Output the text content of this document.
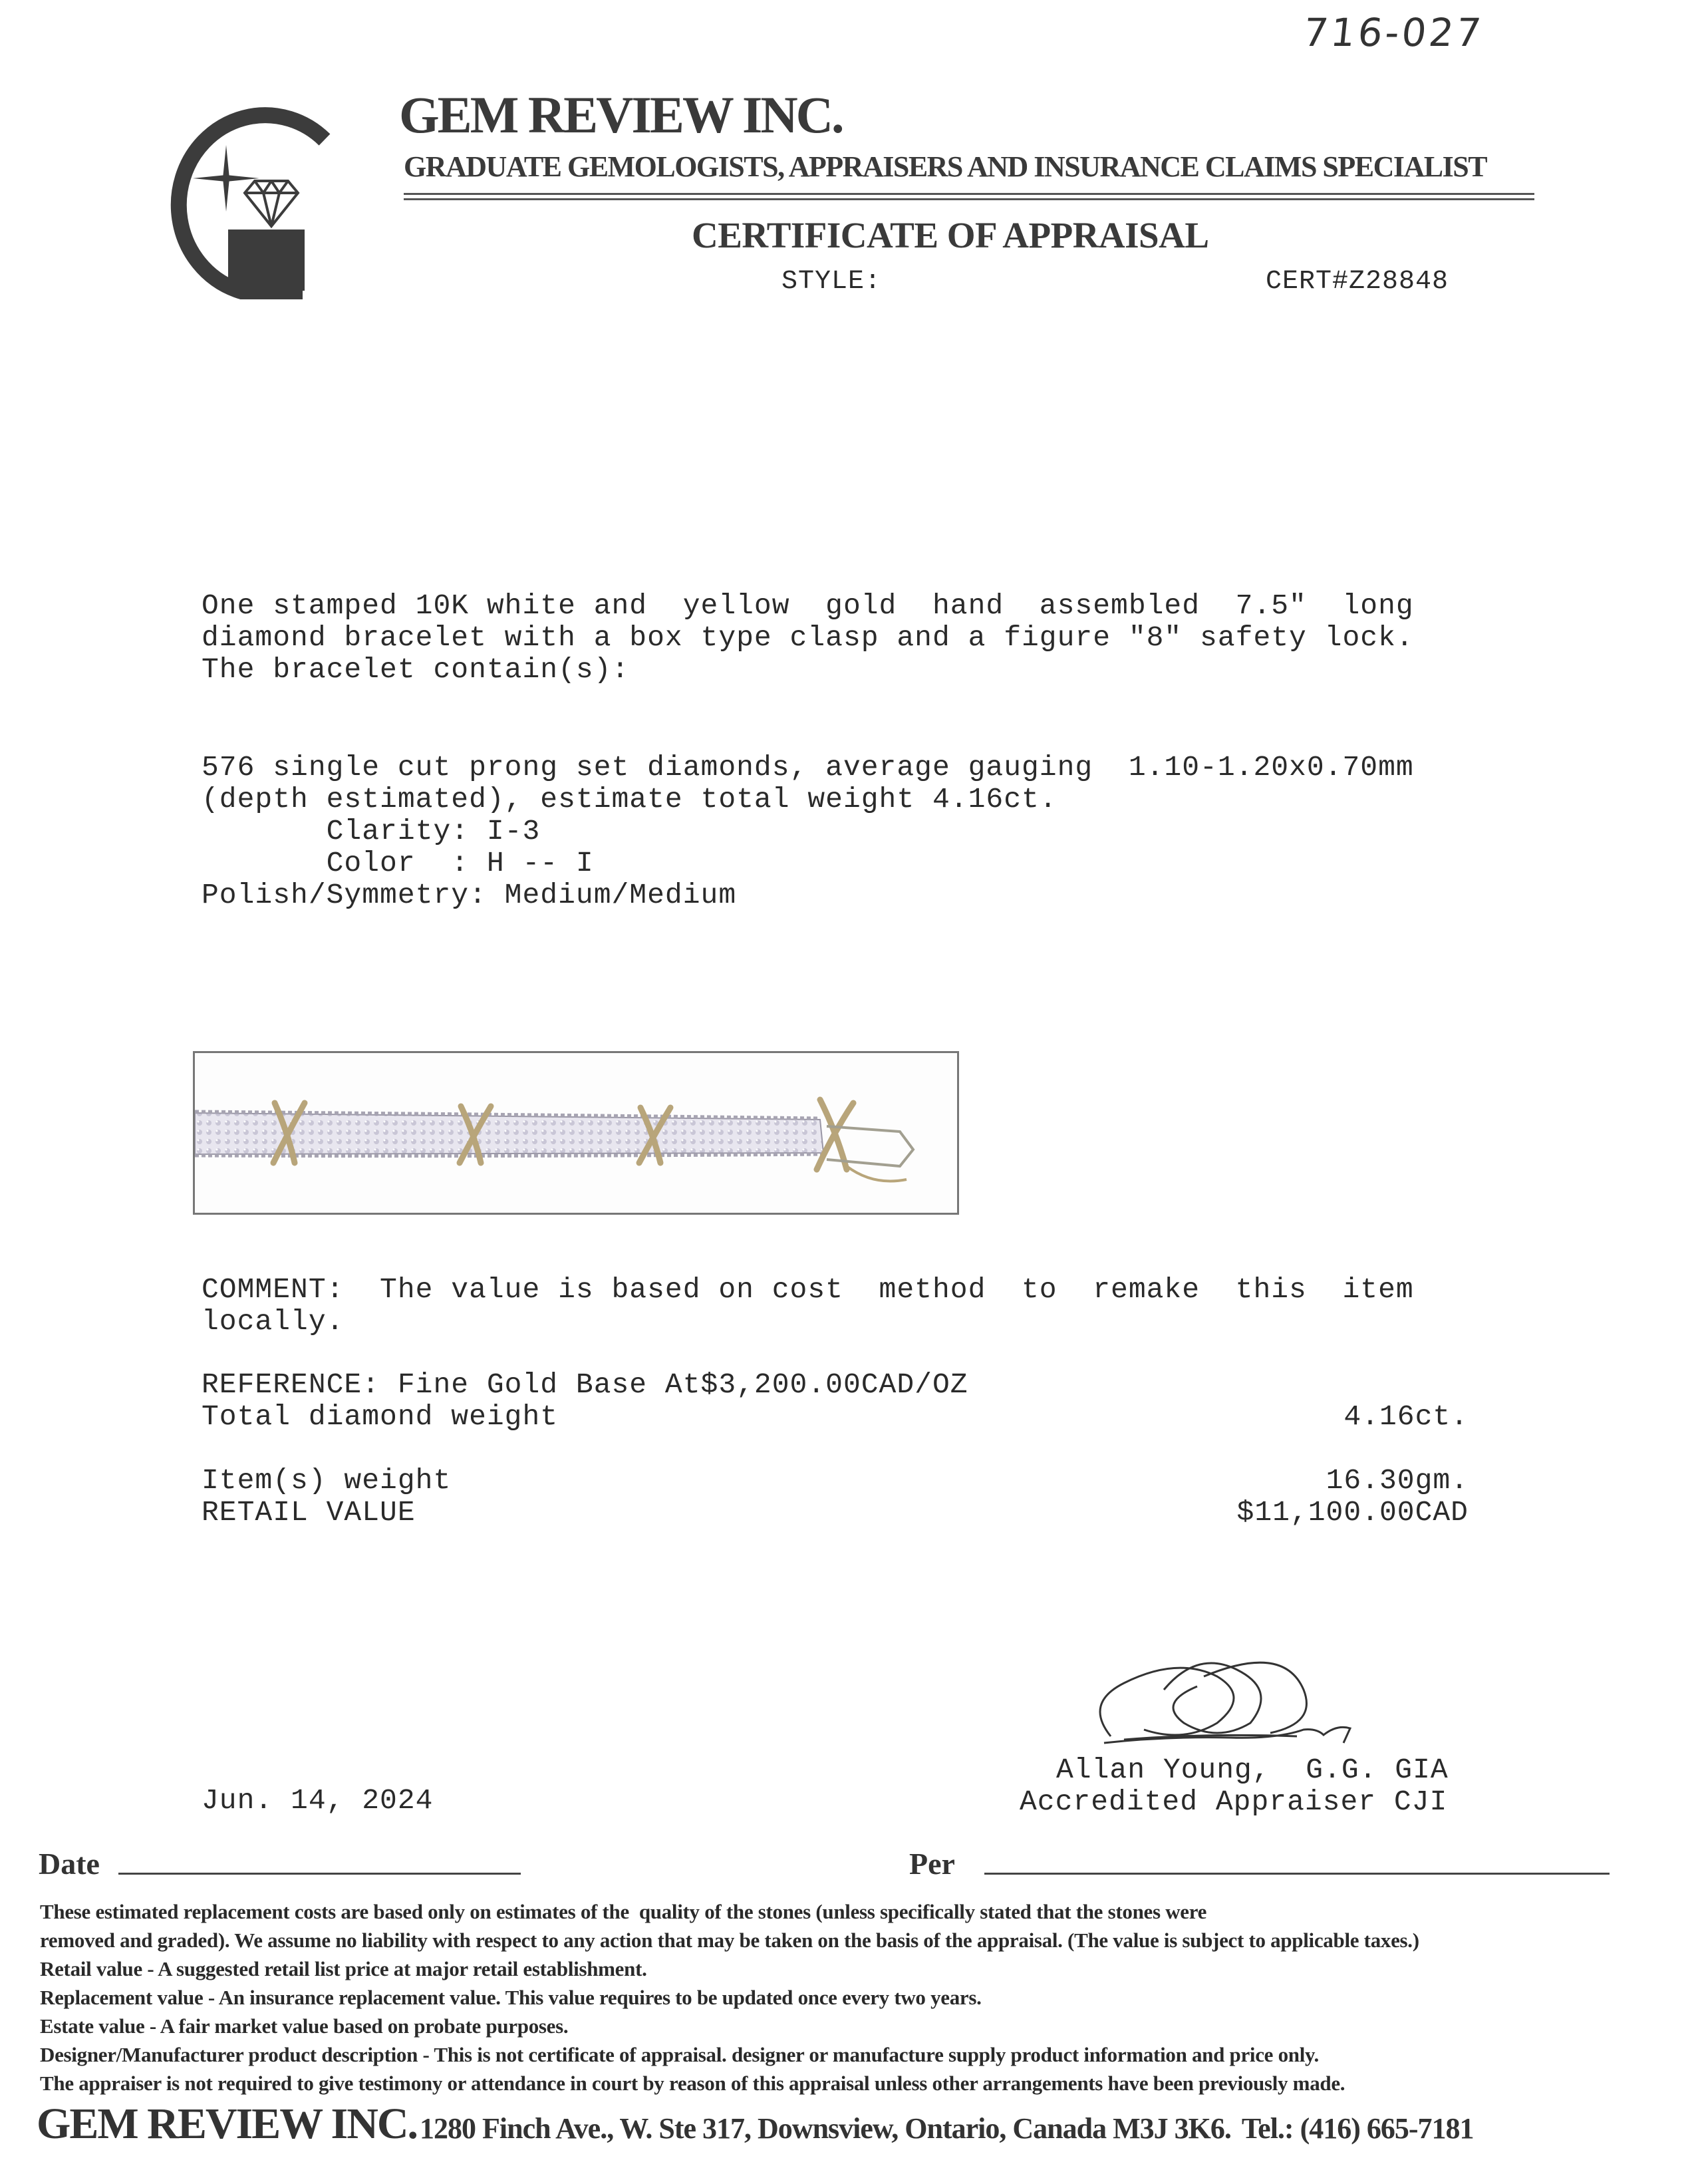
716-027
GEM REVIEW INC.
GRADUATE GEMOLOGISTS, APPRAISERS AND INSURANCE CLAIMS SPECIALIST
CERTIFICATE OF APPRAISAL
STYLE:	CERT#Z28848
One stamped 10K white and  yellow  gold  hand  assembled  7.5"  long
diamond bracelet with a box type clasp and a figure "8" safety lock.
The bracelet contain(s):
576 single cut prong set diamonds, average gauging  1.10-1.20x0.70mm
(depth estimated), estimate total weight 4.16ct.
Clarity: I-3
Color  : H -- I
Polish/Symmetry: Medium/Medium
COMMENT:  The value is based on cost  method  to  remake  this  item
locally.
REFERENCE: Fine Gold Base At$3,200.00CAD/OZ
Total diamond weight	4.16ct.
Item(s) weight	16.30gm.
RETAIL VALUE	$11,100.00CAD
Allan Young,  G.G. GIA
Accredited Appraiser CJI
Jun. 14, 2024
Date	Per
These estimated replacement costs are based only on estimates of the  quality of the stones (unless specifically stated that the stones were
removed and graded). We assume no liability with respect to any action that may be taken on the basis of the appraisal. (The value is subject to applicable taxes.)
Retail value - A suggested retail list price at major retail establishment.
Replacement value - An insurance replacement value. This value requires to be updated once every two years.
Estate value - A fair market value based on probate purposes.
Designer/Manufacturer product description - This is not certificate of appraisal. designer or manufacture supply product information and price only.
The appraiser is not required to give testimony or attendance in court by reason of this appraisal unless other arrangements have been previously made.
GEM REVIEW INC. 1280 Finch Ave., W. Ste 317, Downsview, Ontario, Canada M3J 3K6. Tel.: (416) 665-7181
